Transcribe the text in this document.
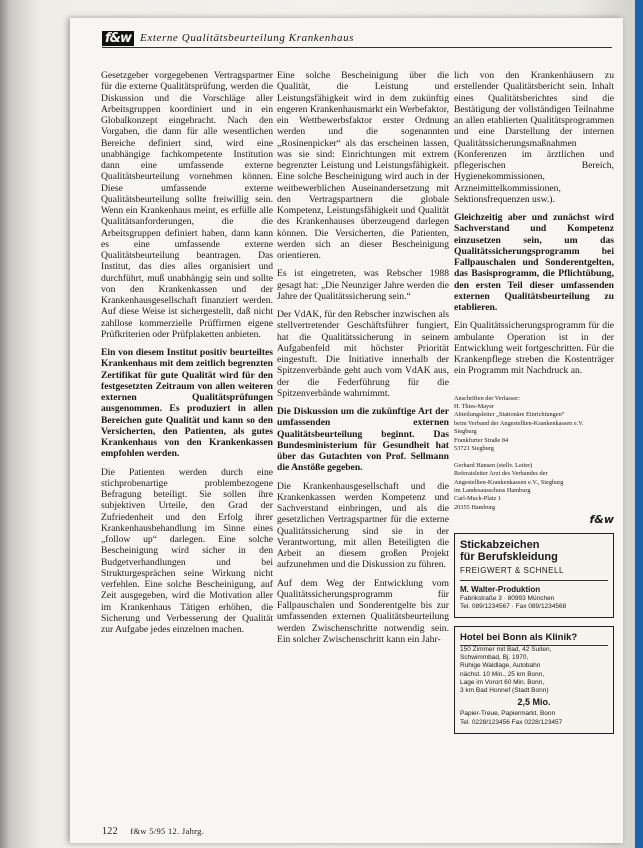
f&w Externe Qualitätsbeurteilung Krankenhaus

Gesetzgeber vorgegebenen Vertragspartner für die externe Qualitätsprüfung, werden die Diskussion und die Vorschläge aller Arbeitsgruppen koordiniert und in ein Globalkonzept eingebracht. Nach den Vorgaben, die dann für alle wesentlichen Bereiche definiert sind, wird eine unabhängige fachkompetente Institution dann eine umfassende externe Qualitätsbeurteilung vornehmen können. Diese umfassende externe Qualitätsbeurteilung sollte freiwillig sein. Wenn ein Krankenhaus meint, es erfülle alle Qualitätsanforderungen, die die Arbeitsgruppen definiert haben, dann kann es eine umfassende externe Qualitätsbeurteilung beantragen. Das Institut, das dies alles organisiert und durchführt, muß unabhängig sein und sollte von den Krankenkassen und der Krankenhausgesellschaft finanziert werden. Auf diese Weise ist sichergestellt, daß nicht zahllose kommerzielle Prüffirmen eigene Prüfkriterien oder Prüfplaketten anbieten.

Ein von diesem Institut positiv beurteiltes Krankenhaus mit dem zeitlich begrenzten Zertifikat für gute Qualität wird für den festgesetzten Zeitraum von allen weiteren externen Qualitätsprüfungen ausgenommen. Es produziert in allen Bereichen gute Qualität und kann so den Versicherten, den Patienten, als gutes Krankenhaus von den Krankenkassen empfohlen werden.

Die Patienten werden durch eine stichprobenartige problembezogene Befragung beteiligt. Sie sollen ihre subjektiven Urteile, den Grad der Zufriedenheit und den Erfolg ihrer Krankenhausbehandlung im Sinne eines „follow up“ darlegen. Eine solche Bescheinigung wird sicher in den Budgetverhandlungen und bei Strukturgesprächen seine Wirkung nicht verfehlen. Eine solche Bescheinigung, auf Zeit ausgegeben, wird die Motivation aller im Krankenhaus Tätigen erhöhen, die Sicherung und Verbesserung der Qualität zur Aufgabe jedes einzelnen machen.

Eine solche Bescheinigung über die Qualität, die Leistung und Leistungsfähigkeit wird in dem zukünftig engeren Krankenhausmarkt ein Werbefaktor, ein Wettbewerbsfaktor erster Ordnung werden und die sogenannten „Rosinenpicker“ als das erscheinen lassen, was sie sind: Einrichtungen mit extrem begrenzter Leistung und Leistungsfähigkeit. Eine solche Bescheinigung wird auch in der weitbewerblichen Auseinandersetzung mit den Vertragspartnern die globale Kompetenz, Leistungsfähigkeit und Qualität des Krankenhauses überzeugend darlegen können. Die Versicherten, die Patienten, werden sich an dieser Bescheinigung orientieren.

Es ist eingetreten, was Rebscher 1988 gesagt hat: „Die Neunziger Jahre werden die Jahre der Qualitätssicherung sein.“

Der VdAK, für den Rebscher inzwischen als stellvertretender Geschäftsführer fungiert, hat die Qualitätssicherung in seinem Aufgabenfeld mit höchster Priorität eingestuft. Die Initiative innerhalb der Spitzenverbände geht auch vom VdAK aus, der die Federführung für die Spitzenverbände wahrnimmt.

Die Diskussion um die zukünftige Art der umfassenden externen Qualitätsbeurteilung beginnt. Das Bundesministerium für Gesundheit hat über das Gutachten von Prof. Sellmann die Anstöße gegeben.

Die Krankenhausgesellschaft und die Krankenkassen werden Kompetenz und Sachverstand einbringen, und als die gesetzlichen Vertragspartner für die externe Qualitätssicherung sind sie in der Verantwortung, mit allen Beteiligten die Arbeit an diesem großen Projekt aufzunehmen und die Diskussion zu führen.

Auf dem Weg der Entwicklung vom Qualitätssicherungsprogramm für Fallpauschalen und Sonderentgelte bis zur umfassenden externen Qualitätsbeurteilung werden Zwischenschritte notwendig sein. Ein solcher Zwischenschritt kann ein Jahr-

lich von den Krankenhäusern zu erstellender Qualitätsbericht sein. Inhalt eines Qualitätsberichtes sind die Bestätigung der vollständigen Teilnahme an allen etablierten Qualitätsprogrammen und eine Darstellung der internen Qualitätssicherungsmaßnahmen (Konferenzen im ärztlichen und pflegerischen Bereich, Hygienekommissionen, Arzneimittelkommissionen, Sektionsfrequenzen usw.).

Gleichzeitig aber und zunächst wird Sachverstand und Kompetenz einzusetzen sein, um das Qualitätssicherungsprogramm bei Fallpauschalen und Sonderentgelten, das Basisprogramm, die Pflichtübung, den ersten Teil dieser umfassenden externen Qualitätsbeurteilung zu etablieren.

Ein Qualitätssicherungsprogramm für die ambulante Operation ist in der Entwicklung weit fortgeschritten. Für die Krankenpflege streben die Kostenträger ein Programm mit Nachdruck an.

Anschriften der Verfasser:
H. Thies-Mayer
Abteilungsleiter „Stationäre Einrichtungen“
beim Verband der Angestellten-Krankenkassen e.V.
Siegburg
Frankfurter Straße 84
53721 Siegburg

Gerhard Hansen (stellv. Leiter)
Referatsleiter Arzt des Verbandes der
Angestellten-Krankenkassen e.V., Siegburg
im Landesausschuss Hamburg
Carl-Muck-Platz 1
20355 Hamburg
f&w
Stickabzeichen
für Berufskleidung
FREIGWERT & SCHNELL
M. Walter-Produktion
Fabrikstraße 3 · 80993 München
Tel. 089/1234567 · Fax 089/1234568
Hotel bei Bonn als Klinik?
150 Zimmer mit Bad, 42 Suiten,
Schwimmbad, Bj. 1970,
Ruhige Waldlage, Autobahn
nächst. 10 Min., 25 km Bonn,
Lage im Vorort 60 Min. Bonn,
3 km Bad Honnef (Stadt Bonn)
2,5 Mio.
Papier-Treue, Papiermarkt, Bonn
Tel. 0228/123456 Fax 0228/123457
122 f&w 5/95 12. Jahrg.
